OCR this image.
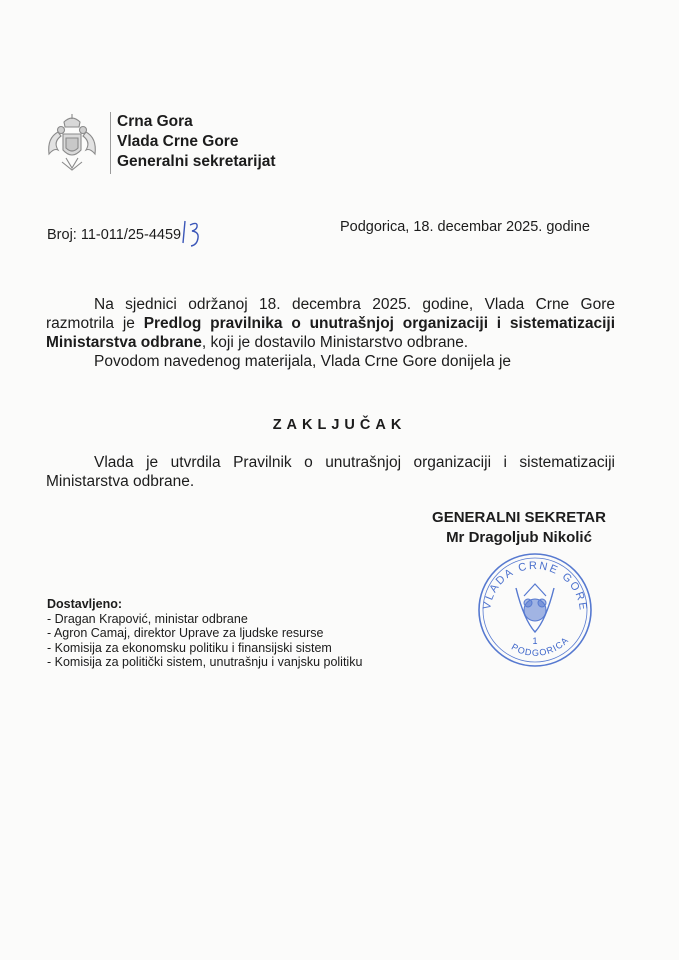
Crna Gora
Vlada Crne Gore
Generalni sekretarijat
Broj: 11-011/25-4459	Podgorica, 18. decembar 2025. godine

Na sjednici održanoj 18. decembra 2025. godine, Vlada Crne Gore razmotrila je Predlog pravilnika o unutrašnjoj organizaciji i sistematizaciji Ministarstva odbrane, koji je dostavilo Ministarstvo odbrane.

Povodom navedenog materijala, Vlada Crne Gore donijela je

ZAKLJUČAK

Vlada je utvrdila Pravilnik o unutrašnjoj organizaciji i sistematizaciji Ministarstva odbrane.

GENERALNI SEKRETAR
Mr Dragoljub Nikolić
VLADA CRNE GORE
1
PODGORICA
Dostavljeno:
- Dragan Krapović, ministar odbrane
- Agron Camaj, direktor Uprave za ljudske resurse
- Komisija za ekonomsku politiku i finansijski sistem
- Komisija za politički sistem, unutrašnju i vanjsku politiku
